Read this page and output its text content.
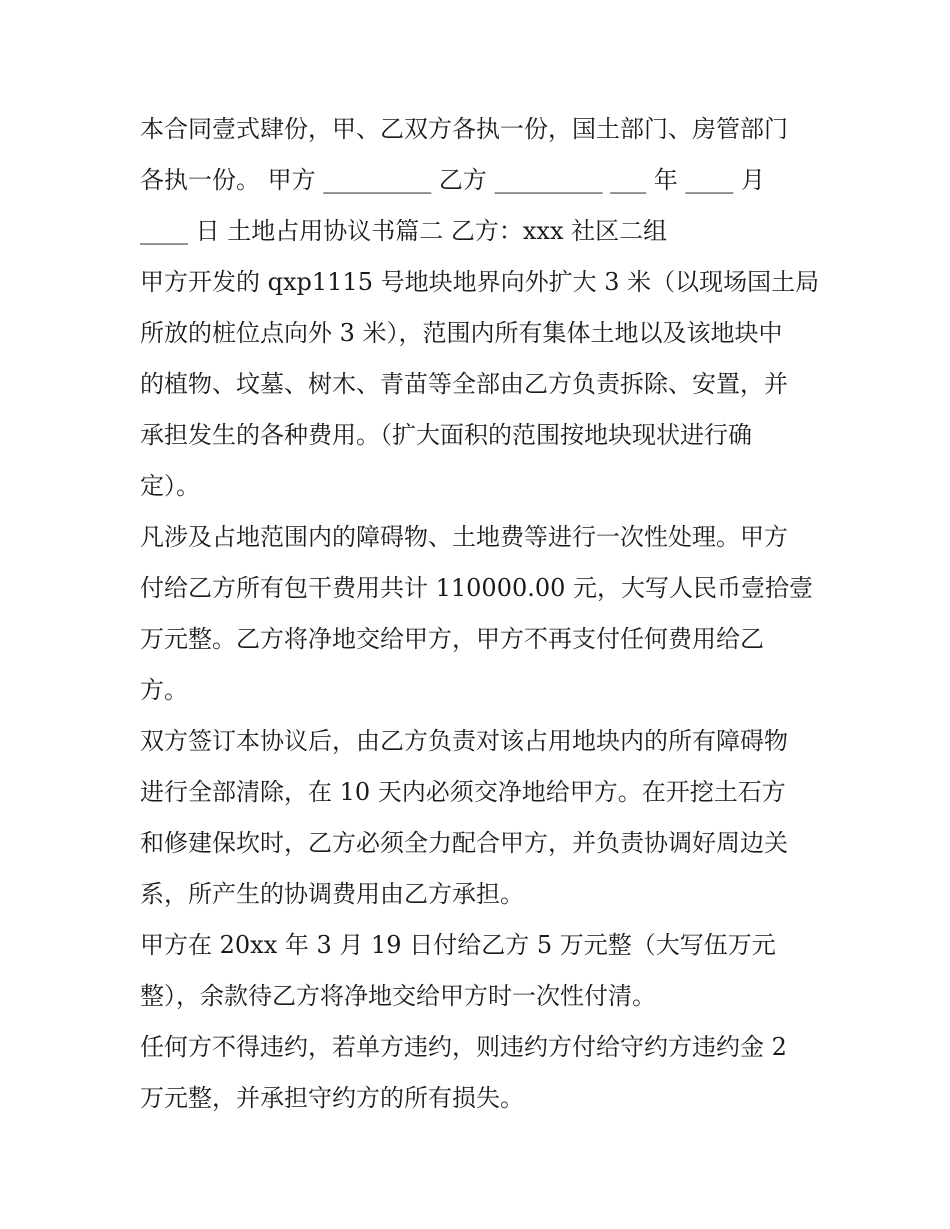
本合同壹式肆份，甲、乙双方各执一份，国土部门、房管部门
各执一份。 甲方 _________ 乙方 _________ ___ 年 ____ 月
____ 日 土地占用协议书篇二 乙方：xxx 社区二组
甲方开发的 qxp1115 号地块地界向外扩大 3 米（以现场国土局
所放的桩位点向外 3 米），范围内所有集体土地以及该地块中
的植物、坟墓、树木、青苗等全部由乙方负责拆除、安置，并
承担发生的各种费用。（扩大面积的范围按地块现状进行确
定）。
凡涉及占地范围内的障碍物、土地费等进行一次性处理。甲方
付给乙方所有包干费用共计 110000.00 元，大写人民币壹拾壹
万元整。乙方将净地交给甲方，甲方不再支付任何费用给乙
方。
双方签订本协议后，由乙方负责对该占用地块内的所有障碍物
进行全部清除，在 10 天内必须交净地给甲方。在开挖土石方
和修建保坎时，乙方必须全力配合甲方，并负责协调好周边关
系，所产生的协调费用由乙方承担。
甲方在 20xx 年 3 月 19 日付给乙方 5 万元整（大写伍万元
整），余款待乙方将净地交给甲方时一次性付清。
任何方不得违约，若单方违约，则违约方付给守约方违约金 2
万元整，并承担守约方的所有损失。
